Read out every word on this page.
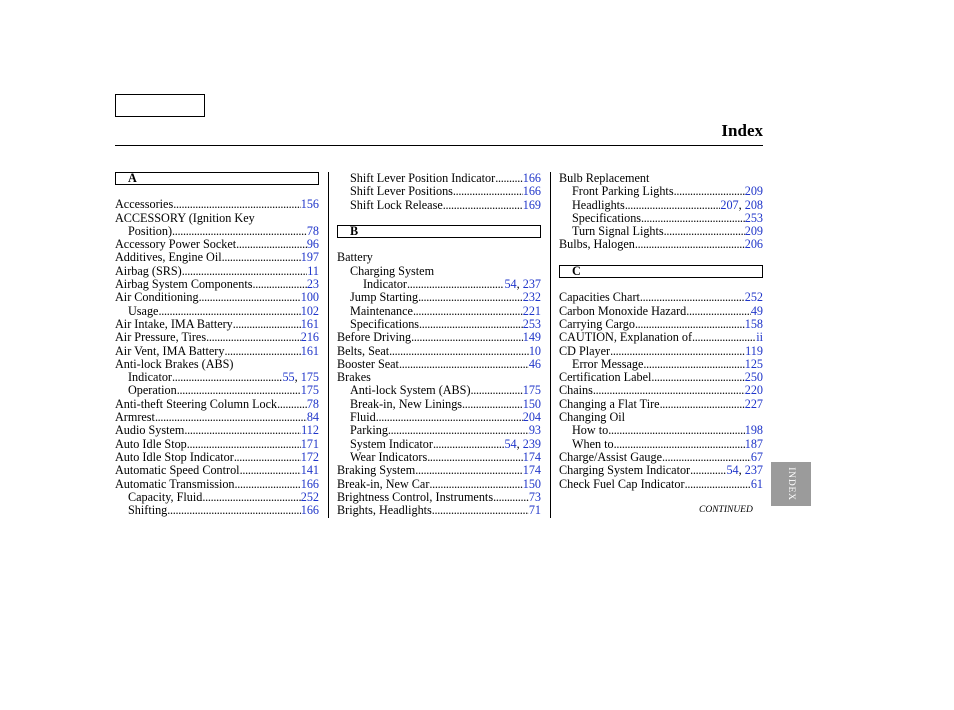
Index
A
Accessories .....	156
ACCESSORY (Ignition Key
Position) .....	78
Accessory Power Socket .....	96
Additives, Engine Oil .....	197
Airbag (SRS) .....	11
Airbag System Components .....	23
Air Conditioning .....	100
Usage .....	102
Air Intake, IMA Battery .....	161
Air Pressure, Tires .....	216
Air Vent, IMA Battery .....	161
Anti-lock Brakes (ABS)
Indicator .....	55, 175
Operation .....	175
Anti-theft Steering Column Lock ..... 78
Armrest .....	84
Audio System .....	112
Auto Idle Stop .....	171
Auto Idle Stop Indicator .....	172
Automatic Speed Control .....	141
Automatic Transmission .....	166
Capacity, Fluid .....	252
Shifting .....	166
Shift Lever Position Indicator ..... 166
Shift Lever Positions .....	166
Shift Lock Release .....	169
B
Battery
Charging System
Indicator .....	54, 237
Jump Starting .....	232
Maintenance .....	221
Specifications .....	253
Before Driving .....	149
Belts, Seat .....	10
Booster Seat .....	46
Brakes
Anti-lock System (ABS) .....	175
Break-in, New Linings .....	150
Fluid .....	204
Parking .....	93
System Indicator .....	54, 239
Wear Indicators .....	174
Braking System .....	174
Break-in, New Car .....	150
Brightness Control, Instruments .....	73
Brights, Headlights .....	71
Bulb Replacement
Front Parking Lights .....	209
Headlights .....	207, 208
Specifications .....	253
Turn Signal Lights .....	209
Bulbs, Halogen .....	206
C
Capacities Chart .....	252
Carbon Monoxide Hazard .....	49
Carrying Cargo .....	158
CAUTION, Explanation of .....	ii
CD Player .....	119
Error Message .....	125
Certification Label .....	250
Chains .....	220
Changing a Flat Tire .....	227
Changing Oil
How to .....	198
When to .....	187
Charge/Assist Gauge .....	67
Charging System Indicator .....	54, 237
Check Fuel Cap Indicator .....	61 INDEX
CONTINUED
